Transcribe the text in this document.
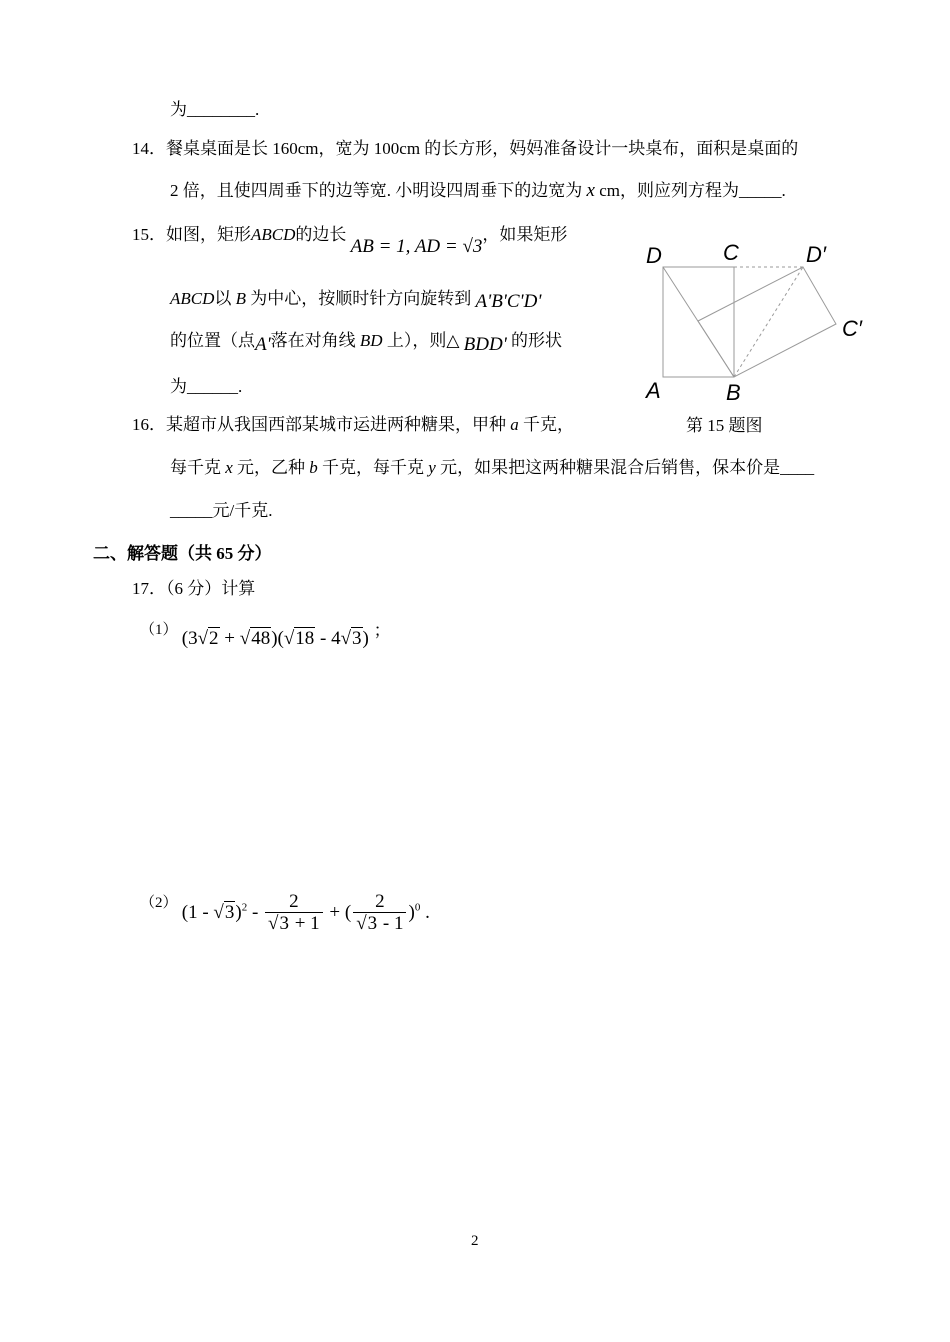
为________.
14．餐桌桌面是长 160cm，宽为 100cm 的长方形，妈妈准备设计一块桌布，面积是桌面的
2 倍，且使四周垂下的边等宽. 小明设四周垂下的边宽为 x cm，则应列方程为_____.
15．如图，矩形ABCD的边长 AB = 1, AD = √3，如果矩形
ABCD以 B 为中心，按顺时针方向旋转到 A'B'C'D'
的位置（点A'落在对角线 BD 上），则△ BDD' 的形状
为______.
D	C	D′
C′
A	B
第 15 题图
16．某超市从我国西部某城市运进两种糖果，甲种 a 千克，
每千克 x 元，乙种 b 千克，每千克 y 元，如果把这两种糖果混合后销售，保本价是____
_____元/千克.
二、解答题（共 65 分）
17．（6 分）计算
（1） (3√2 + √48)(√18 - 4√3) ；
（2） $(1 - √3)^2 - \frac{2}{√3 + 1}$ + ( $\frac{2}{√3 - 1} )^0$ .
2
